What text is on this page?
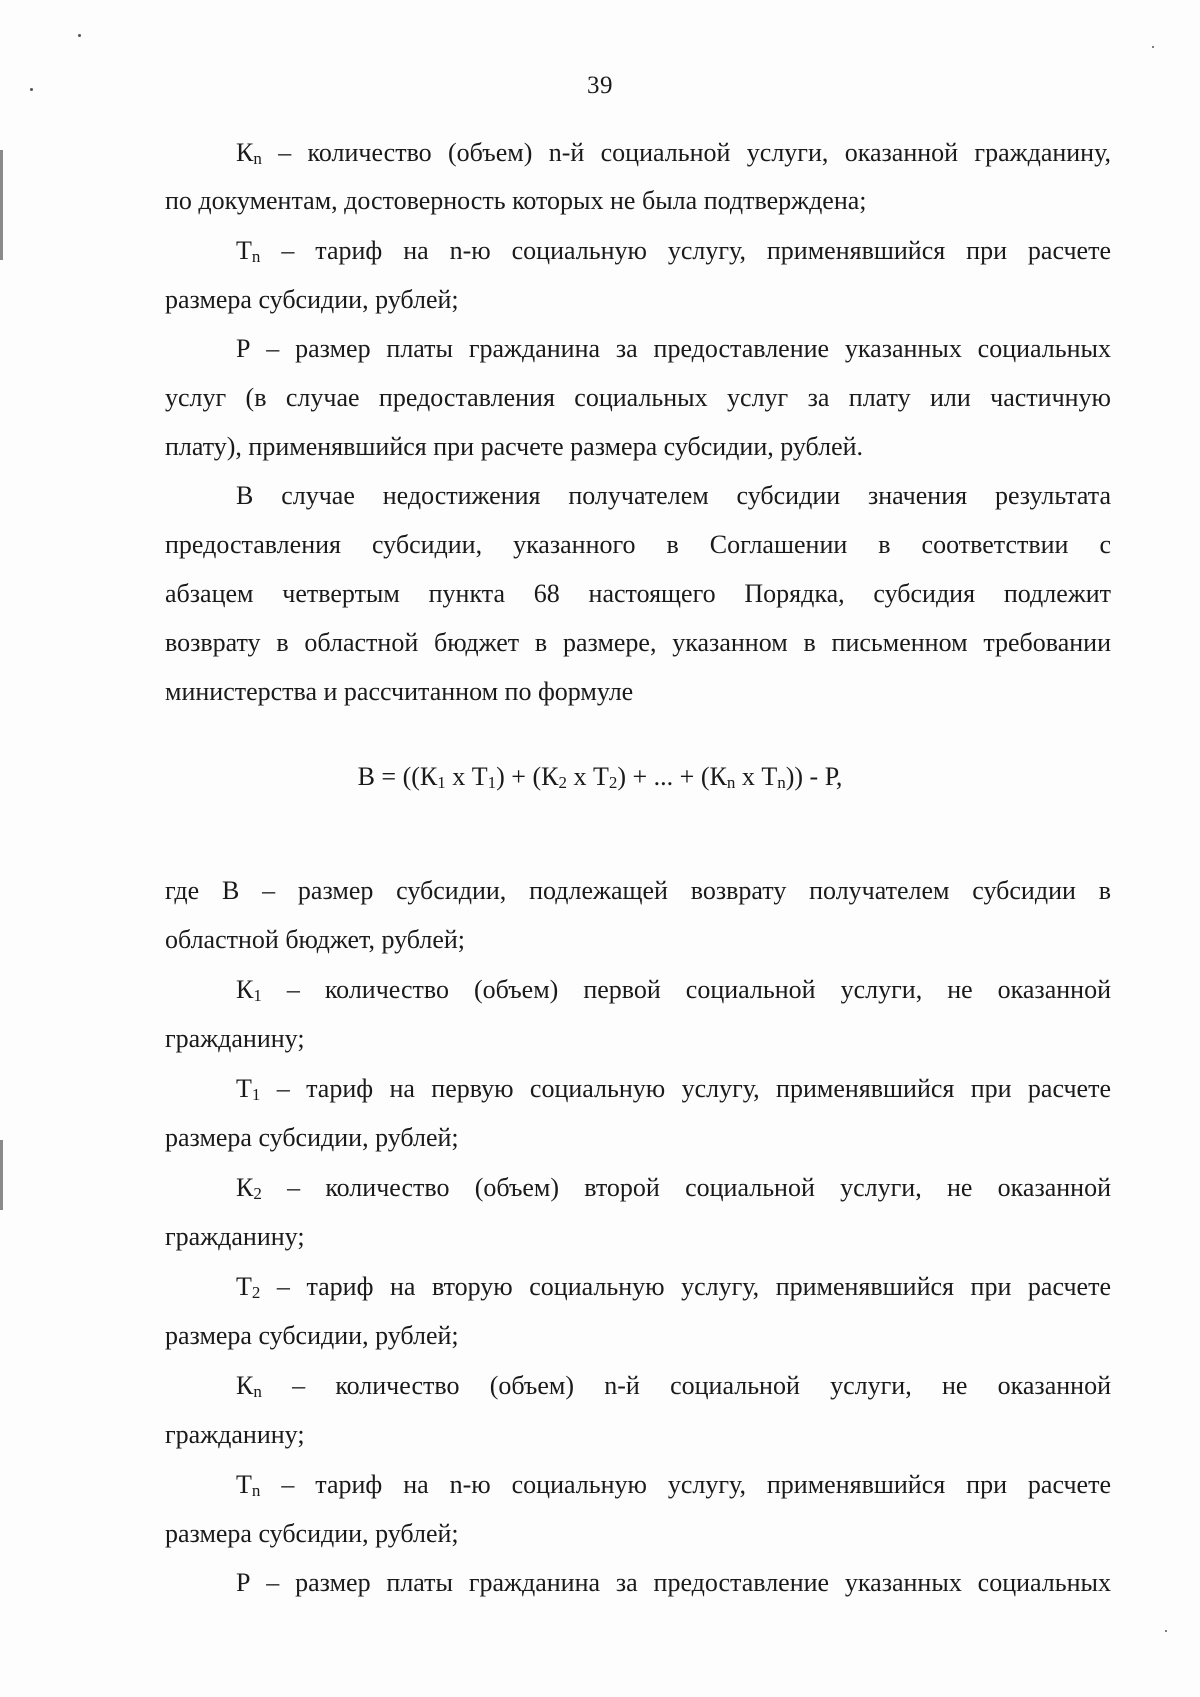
39
$К_n$ – количество (объем) n-й социальной услуги, оказанной гражданину,
по документам, достоверность которых не была подтверждена;
$Т_n$ – тариф на n-ю социальную услугу, применявшийся при расчете
размера субсидии, рублей;
Р – размер платы гражданина за предоставление указанных социальных
услуг (в случае предоставления социальных услуг за плату или частичную
плату), применявшийся при расчете размера субсидии, рублей.
В случае недостижения получателем субсидии значения результата
предоставления субсидии, указанного в Соглашении в соответствии с
абзацем четвертым пункта 68 настоящего Порядка, субсидия подлежит
возврату в областной бюджет в размере, указанном в письменном требовании
министерства и рассчитанном по формуле
$В = ((К_1$ x $Т_1) + (К_2$ x $Т_2$) + ... + ($К_n$ x $Т_n$)) - Р,
где В – размер субсидии, подлежащей возврату получателем субсидии в
областной бюджет, рублей;
$К_1$ – количество (объем) первой социальной услуги, не оказанной
гражданину;
$Т_1$ – тариф на первую социальную услугу, применявшийся при расчете
размера субсидии, рублей;
$К_2$ – количество (объем) второй социальной услуги, не оказанной
гражданину;
$Т_2$ – тариф на вторую социальную услугу, применявшийся при расчете
размера субсидии, рублей;
$К_n$ – количество (объем) n-й социальной услуги, не оказанной
гражданину;
$Т_n$ – тариф на n-ю социальную услугу, применявшийся при расчете
размера субсидии, рублей;
Р – размер платы гражданина за предоставление указанных социальных
